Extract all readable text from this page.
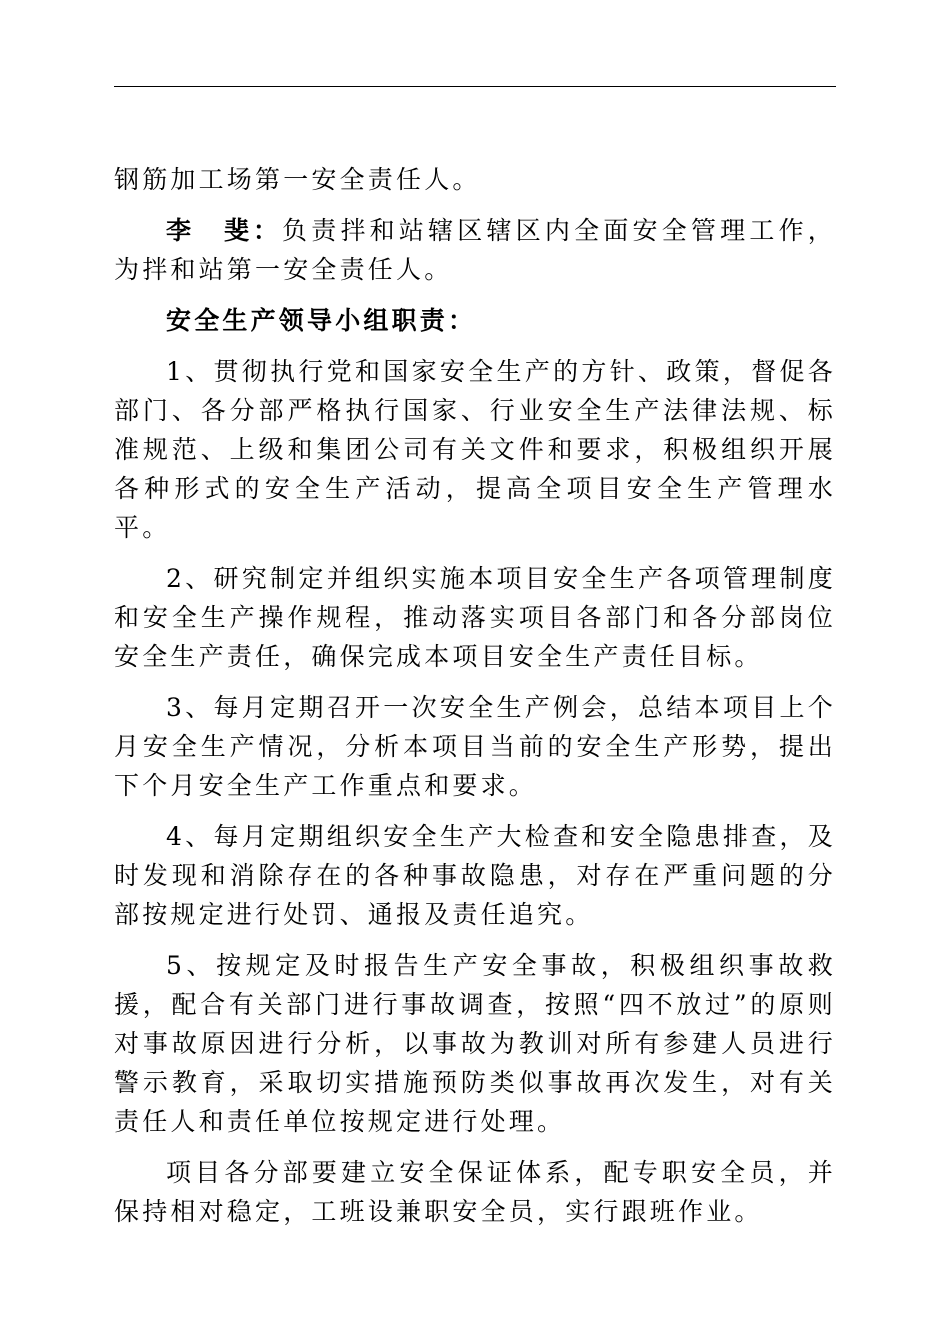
钢筋加工场第一安全责任人。

李　斐：负责拌和站辖区辖区内全面安全管理工作，为拌和站第一安全责任人。

安全生产领导小组职责：

1、贯彻执行党和国家安全生产的方针、政策，督促各部门、各分部严格执行国家、行业安全生产法律法规、标准规范、上级和集团公司有关文件和要求，积极组织开展各种形式的安全生产活动，提高全项目安全生产管理水平。

2、研究制定并组织实施本项目安全生产各项管理制度和安全生产操作规程，推动落实项目各部门和各分部岗位安全生产责任，确保完成本项目安全生产责任目标。

3、每月定期召开一次安全生产例会，总结本项目上个月安全生产情况，分析本项目当前的安全生产形势，提出下个月安全生产工作重点和要求。

4、每月定期组织安全生产大检查和安全隐患排查，及时发现和消除存在的各种事故隐患，对存在严重问题的分部按规定进行处罚、通报及责任追究。

5、按规定及时报告生产安全事故，积极组织事故救援，配合有关部门进行事故调查，按照“四不放过”的原则对事故原因进行分析，以事故为教训对所有参建人员进行警示教育，采取切实措施预防类似事故再次发生，对有关责任人和责任单位按规定进行处理。

项目各分部要建立安全保证体系，配专职安全员，并保持相对稳定，工班设兼职安全员，实行跟班作业。
